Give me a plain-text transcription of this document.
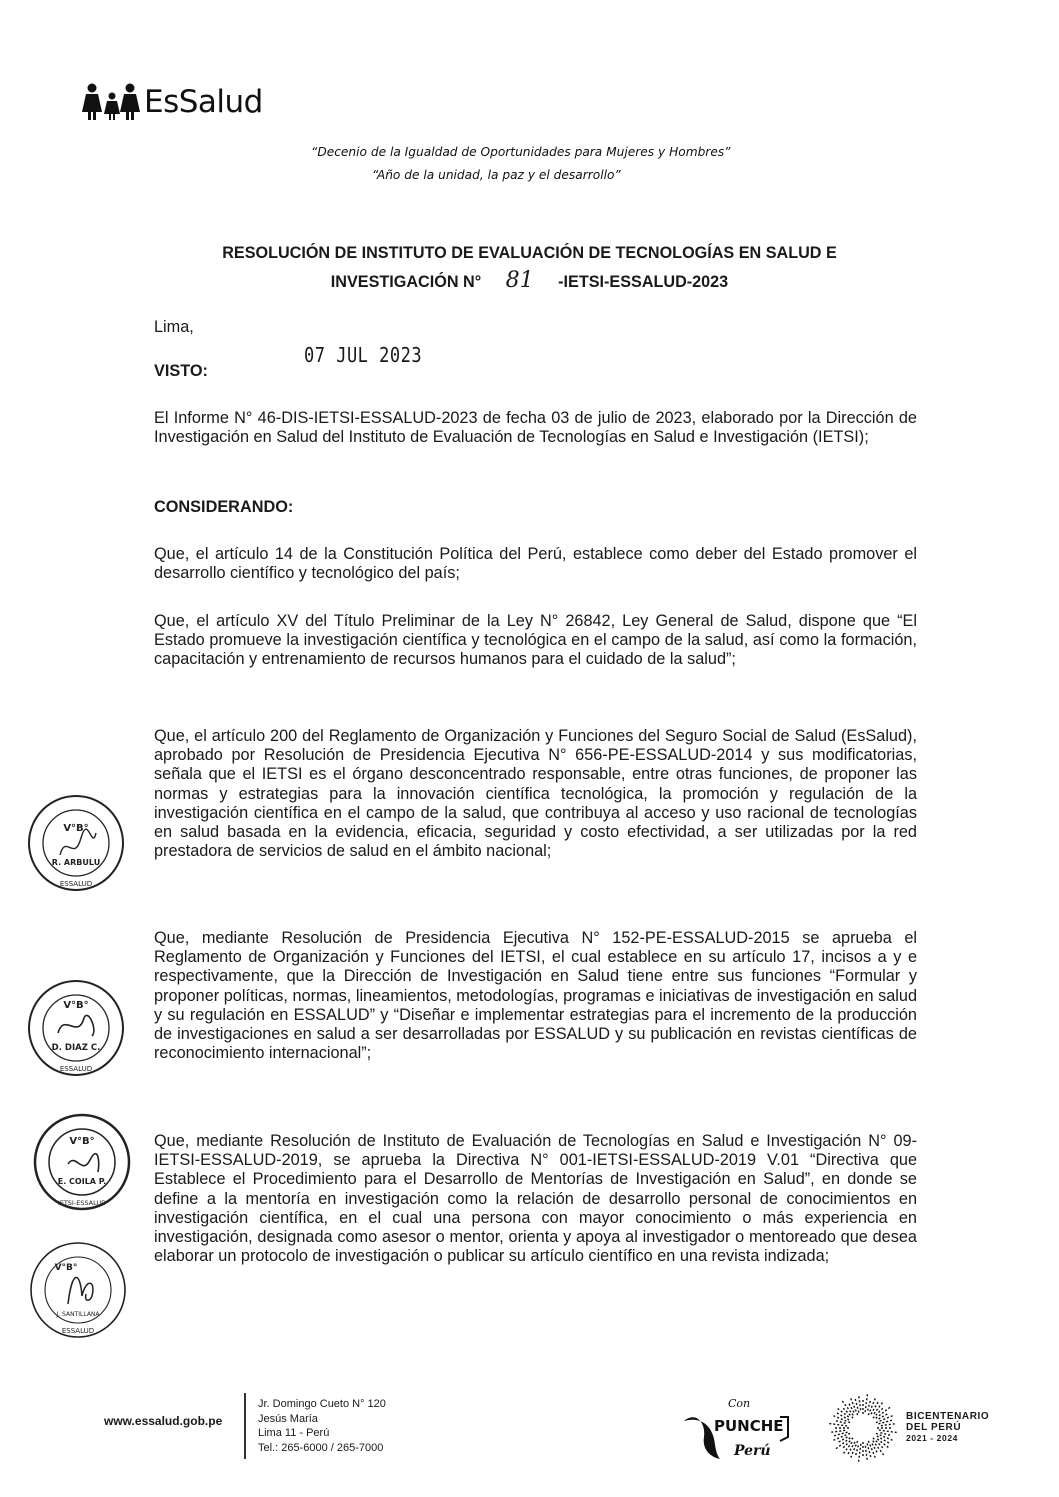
EsSalud
“Decenio de la Igualdad de Oportunidades para Mujeres y Hombres”
“Año de la unidad, la paz y el desarrollo”
RESOLUCIÓN DE INSTITUTO DE EVALUACIÓN DE TECNOLOGÍAS EN SALUD E
INVESTIGACIÓN N° 81 -IETSI-ESSALUD-2023
Lima,
07 JUL 2023
VISTO:
El Informe N° 46-DIS-IETSI-ESSALUD-2023 de fecha 03 de julio de 2023, elaborado por la Dirección de Investigación en Salud del Instituto de Evaluación de Tecnologías en Salud e Investigación (IETSI);
CONSIDERANDO:
Que, el artículo 14 de la Constitución Política del Perú, establece como deber del Estado promover el desarrollo científico y tecnológico del país;
Que, el artículo XV del Título Preliminar de la Ley N° 26842, Ley General de Salud, dispone que “El Estado promueve la investigación científica y tecnológica en el campo de la salud, así como la formación, capacitación y entrenamiento de recursos humanos para el cuidado de la salud”;
Que, el artículo 200 del Reglamento de Organización y Funciones del Seguro Social de Salud (EsSalud), aprobado por Resolución de Presidencia Ejecutiva N° 656-PE-ESSALUD-2014 y sus modificatorias, señala que el IETSI es el órgano desconcentrado responsable, entre otras funciones, de proponer las normas y estrategias para la innovación científica tecnológica, la promoción y regulación de la investigación científica en el campo de la salud, que contribuya al acceso y uso racional de tecnologías en salud basada en la evidencia, eficacia, seguridad y costo efectividad, a ser utilizadas por la red prestadora de servicios de salud en el ámbito nacional;
Que, mediante Resolución de Presidencia Ejecutiva N° 152-PE-ESSALUD-2015 se aprueba el Reglamento de Organización y Funciones del IETSI, el cual establece en su artículo 17, incisos a y e respectivamente, que la Dirección de Investigación en Salud tiene entre sus funciones “Formular y proponer políticas, normas, lineamientos, metodologías, programas e iniciativas de investigación en salud y su regulación en ESSALUD” y “Diseñar e implementar estrategias para el incremento de la producción de investigaciones en salud a ser desarrolladas por ESSALUD y su publicación en revistas científicas de reconocimiento internacional”;
Que, mediante Resolución de Instituto de Evaluación de Tecnologías en Salud e Investigación N° 09-IETSI-ESSALUD-2019, se aprueba la Directiva N° 001-IETSI-ESSALUD-2019 V.01 “Directiva que Establece el Procedimiento para el Desarrollo de Mentorías de Investigación en Salud”, en donde se define a la mentoría en investigación como la relación de desarrollo personal de conocimientos en investigación científica, en el cual una persona con mayor conocimiento o más experiencia en investigación, designada como asesor o mentor, orienta y apoya al investigador o mentoreado que desea elaborar un protocolo de investigación o publicar su artículo científico en una revista indizada;
V°B°
R. ARBULU
ESSALUD
V°B°
D. DIAZ C.
ESSALUD
V°B°
E. COILA P.
IETSI-ESSALUD
V°B°
J. SANTILLANA
ESSALUD
www.essalud.gob.pe
Jr. Domingo Cueto N° 120
Jesús María
Lima 11 - Perú
Tel.: 265-6000 / 265-7000
Con
PUNCHE
Perú
BICENTENARIO
DEL PERÚ
2021 - 2024
